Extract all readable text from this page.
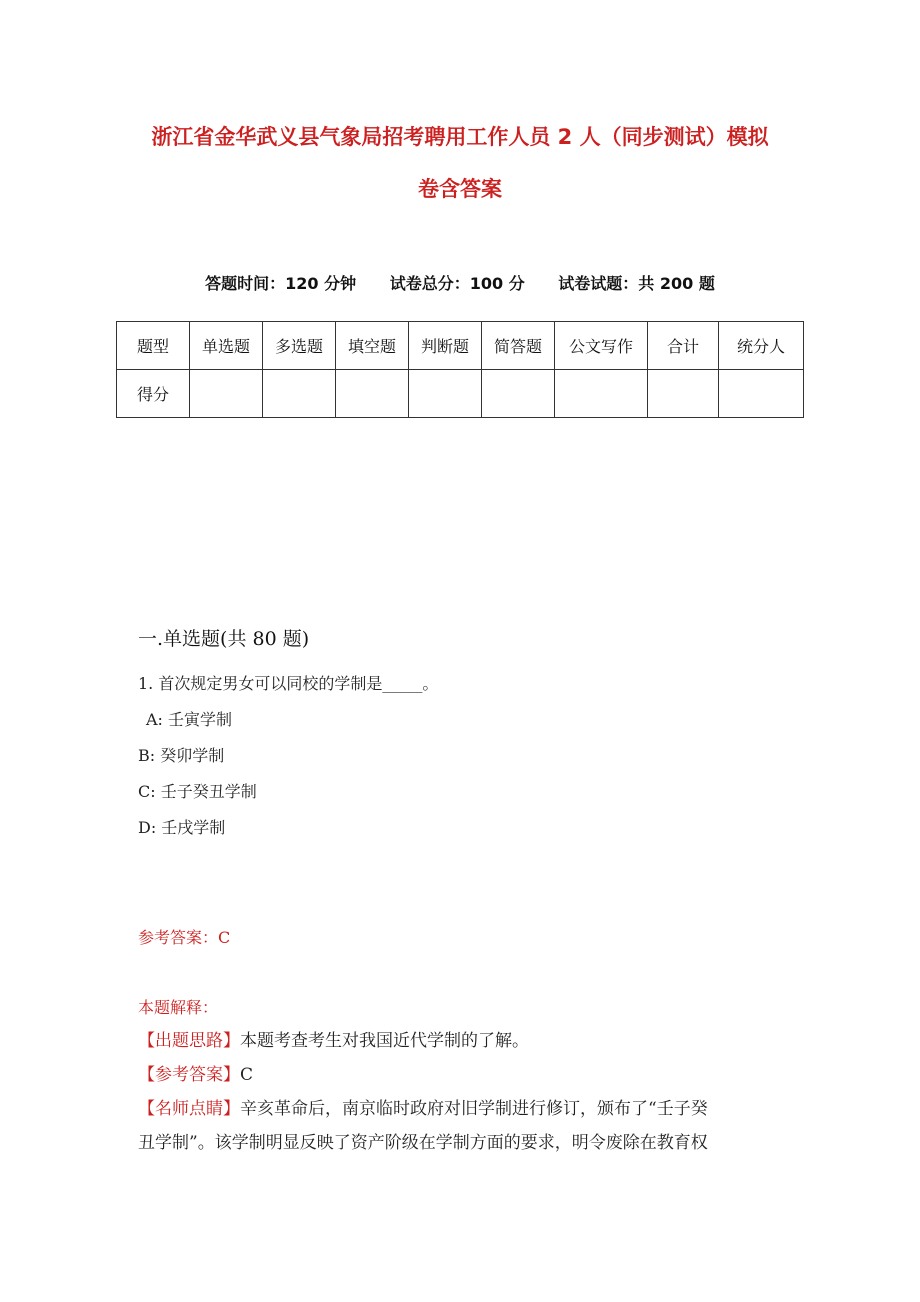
浙江省金华武义县气象局招考聘用工作人员 2 人（同步测试）模拟
卷含答案
答题时间：120 分钟 试卷总分：100 分 试卷试题：共 200 题
题型	单选题	多选题	填空题	判断题	简答题	公文写作	合计	统分人
得分								
一.单选题(共 80 题)
1. 首次规定男女可以同校的学制是_____。
A: 壬寅学制
B: 癸卯学制
C: 壬子癸丑学制
D: 壬戌学制
参考答案：C
本题解释：
【出题思路】本题考查考生对我国近代学制的了解。
【参考答案】C
【名师点睛】辛亥革命后，南京临时政府对旧学制进行修订，颁布了“壬子癸
丑学制”。该学制明显反映了资产阶级在学制方面的要求，明令废除在教育权
